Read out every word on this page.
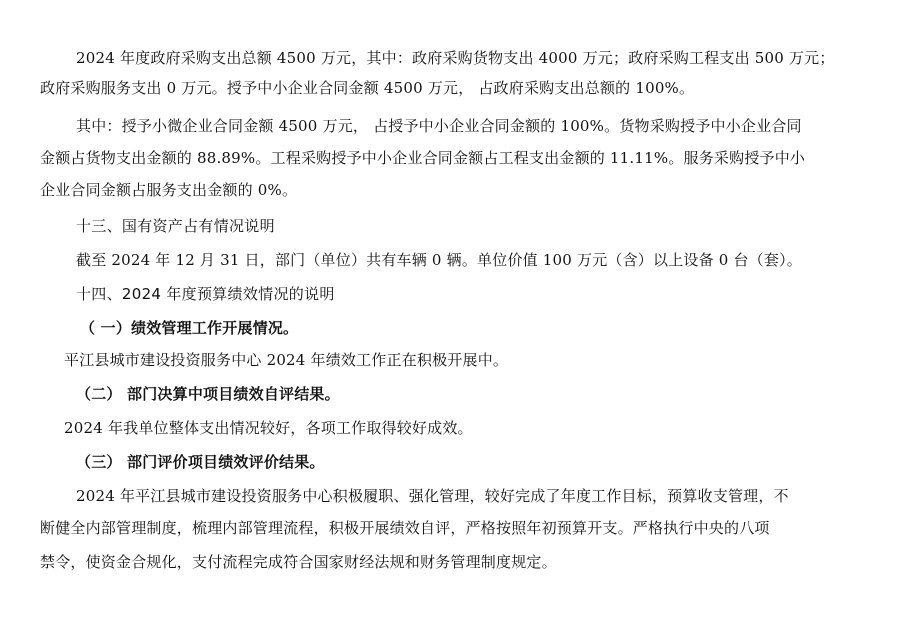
2024 年度政府采购支出总额 4500 万元，其中：政府采购货物支出 4000 万元；政府采购工程支出 500 万元；
政府采购服务支出 0 万元。授予中小企业合同金额 4500 万元， 占政府采购支出总额的 100%。
其中：授予小微企业合同金额 4500 万元， 占授予中小企业合同金额的 100%。货物采购授予中小企业合同
金额占货物支出金额的 88.89%。工程采购授予中小企业合同金额占工程支出金额的 11.11%。服务采购授予中小
企业合同金额占服务支出金额的 0%。
十三、国有资产占有情况说明
截至 2024 年 12 月 31 日，部门（单位）共有车辆 0 辆。单位价值 100 万元（含）以上设备 0 台（套）。
十四、2024 年度预算绩效情况的说明
（ 一）绩效管理工作开展情况。
平江县城市建设投资服务中心 2024 年绩效工作正在积极开展中。
（二） 部门决算中项目绩效自评结果。
2024 年我单位整体支出情况较好，各项工作取得较好成效。
（三） 部门评价项目绩效评价结果。
2024 年平江县城市建设投资服务中心积极履职、强化管理，较好完成了年度工作目标，预算收支管理，不
断健全内部管理制度，梳理内部管理流程，积极开展绩效自评，严格按照年初预算开支。严格执行中央的八项
禁令，使资金合规化，支付流程完成符合国家财经法规和财务管理制度规定。
